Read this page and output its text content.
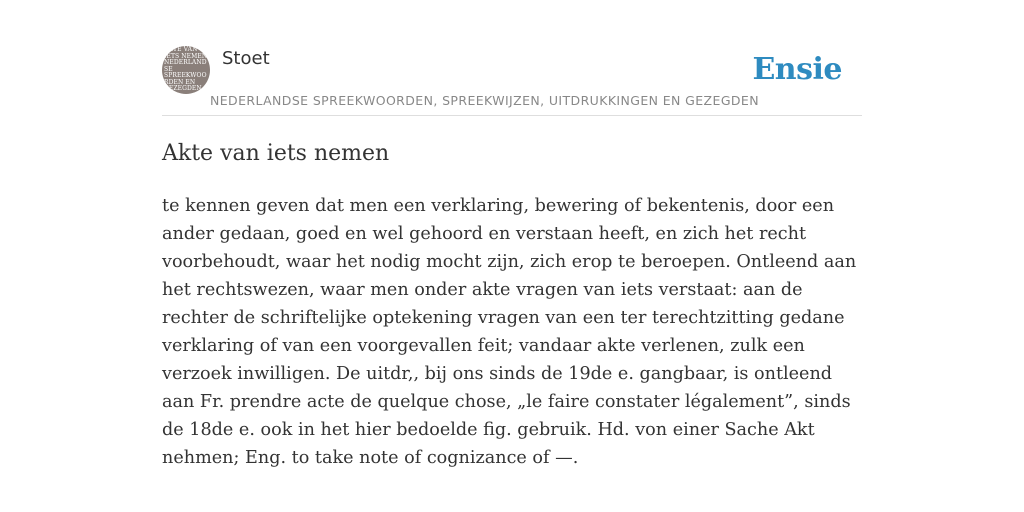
AKTE VAN IETS NEMEN NEDERLANDSE SPREEKWOORDEN EN GEZEGDEN
Stoet	Ensie
NEDERLANDSE SPREEKWOORDEN, SPREEKWIJZEN, UITDRUKKINGEN EN GEZEGDEN
Akte van iets nemen

te kennen geven dat men een verklaring, bewering of bekentenis, door een ander gedaan, goed en wel gehoord en verstaan heeft, en zich het recht voorbehoudt, waar het nodig mocht zijn, zich erop te beroepen. Ontleend aan het rechtswezen, waar men onder akte vragen van iets verstaat: aan de rechter de schriftelijke optekening vragen van een ter terechtzitting gedane verklaring of van een voorgevallen feit; vandaar akte verlenen, zulk een verzoek inwilligen. De uitdr,, bij ons sinds de 19de e. gangbaar, is ontleend aan Fr. prendre acte de quelque chose, „le faire constater légalement”, sinds de 18de e. ook in het hier bedoelde fig. gebruik. Hd. von einer Sache Akt nehmen; Eng. to take note of cognizance of —.
